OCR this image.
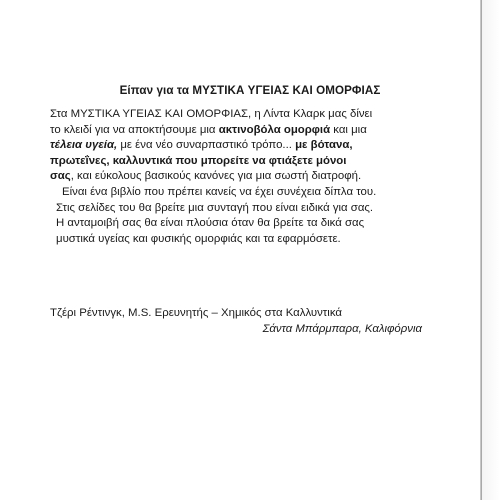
Είπαν για τα ΜΥΣΤΙΚΑ ΥΓΕΙΑΣ ΚΑΙ ΟΜΟΡΦΙΑΣ

Στα ΜΥΣΤΙΚΑ ΥΓΕΙΑΣ ΚΑΙ ΟΜΟΡΦΙΑΣ, η Λίντα Κλαρκ μας δίνει
το κλειδί για να αποκτήσουμε μια ακτινοβόλα ομορφιά και μια
τέλεια υγεία, με ένα νέο συναρπαστικό τρόπο... με βότανα,
πρωτεΐνες, καλλυντικά που μπορείτε να φτιάξετε μόνοι
σας, και εύκολους βασικούς κανόνες για μια σωστή διατροφή.
Είναι ένα βιβλίο που πρέπει κανείς να έχει συνέχεια δίπλα του.
Στις σελίδες του θα βρείτε μια συνταγή που είναι ειδικά για σας.
Η ανταμοιβή σας θα είναι πλούσια όταν θα βρείτε τα δικά σας
μυστικά υγείας και φυσικής ομορφιάς και τα εφαρμόσετε.

Τζέρι Ρέντινγκ, M.S. Ερευνητής – Χημικός στα Καλλυντικά
Σάντα Μπάρμπαρα, Καλιφόρνια
